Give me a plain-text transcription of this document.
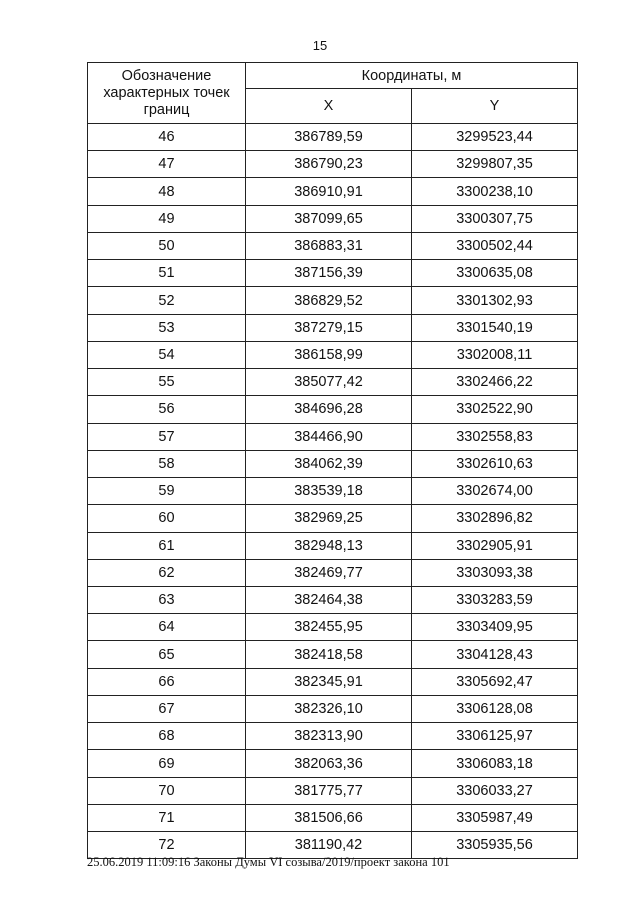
15
Обозначение характерных точек границ	Координаты, м	
	X	Y
46	386789,59	3299523,44
47	386790,23	3299807,35
48	386910,91	3300238,10
49	387099,65	3300307,75
50	386883,31	3300502,44
51	387156,39	3300635,08
52	386829,52	3301302,93
53	387279,15	3301540,19
54	386158,99	3302008,11
55	385077,42	3302466,22
56	384696,28	3302522,90
57	384466,90	3302558,83
58	384062,39	3302610,63
59	383539,18	3302674,00
60	382969,25	3302896,82
61	382948,13	3302905,91
62	382469,77	3303093,38
63	382464,38	3303283,59
64	382455,95	3303409,95
65	382418,58	3304128,43
66	382345,91	3305692,47
67	382326,10	3306128,08
68	382313,90	3306125,97
69	382063,36	3306083,18
70	381775,77	3306033,27
71	381506,66	3305987,49
72	381190,42	3305935,56
25.06.2019 11:09:16 Законы Думы VI созыва/2019/проект закона 101
